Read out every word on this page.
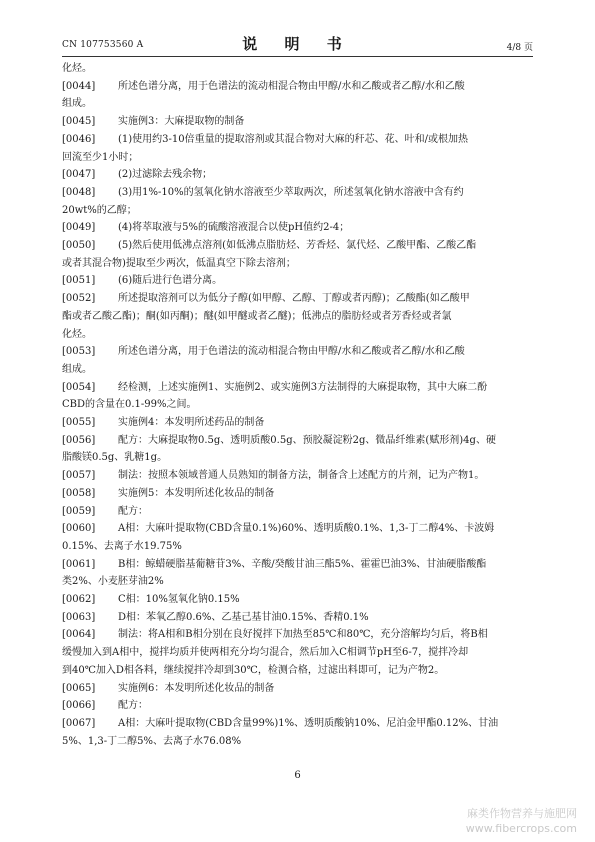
CN 107753560 A	说 明 书	4/8 页
化烃。
[0044] 所述色谱分离，用于色谱法的流动相混合物由甲醇/水和乙酸或者乙醇/水和乙酸
组成。
[0045] 实施例3：大麻提取物的制备
[0046] (1)使用约3-10倍重量的提取溶剂或其混合物对大麻的秆芯、花、叶和/或根加热
回流至少1小时；
[0047] (2)过滤除去残余物；
[0048] (3)用1%-10%的氢氧化钠水溶液至少萃取两次，所述氢氧化钠水溶液中含有约
20wt%的乙醇；
[0049] (4)将萃取液与5%的硫酸溶液混合以使pH值约2-4；
[0050] (5)然后使用低沸点溶剂(如低沸点脂肪烃、芳香烃、氯代烃、乙酸甲酯、乙酸乙酯
或者其混合物)提取至少两次，低温真空下除去溶剂；
[0051] (6)随后进行色谱分离。
[0052] 所述提取溶剂可以为低分子醇(如甲醇、乙醇、丁醇或者丙醇)；乙酸酯(如乙酸甲
酯或者乙酸乙酯)；酮(如丙酮)；醚(如甲醚或者乙醚)；低沸点的脂肪烃或者芳香烃或者氯
化烃。
[0053] 所述色谱分离，用于色谱法的流动相混合物由甲醇/水和乙酸或者乙醇/水和乙酸
组成。
[0054] 经检测，上述实施例1、实施例2、或实施例3方法制得的大麻提取物，其中大麻二酚
CBD的含量在0.1-99%之间。
[0055] 实施例4：本发明所述药品的制备
[0056] 配方：大麻提取物0.5g、透明质酸0.5g、预胶凝淀粉2g、微晶纤维素(赋形剂)4g、硬
脂酸镁0.5g、乳糖1g。
[0057] 制法：按照本领域普通人员熟知的制备方法，制备含上述配方的片剂，记为产物1。
[0058] 实施例5：本发明所述化妆品的制备
[0059] 配方：
[0060] A相：大麻叶提取物(CBD含量0.1%)60%、透明质酸0.1%、1,3-丁二醇4%、卡波姆
0.15%、去离子水19.75%
[0061] B相：鲸蜡硬脂基葡糖苷3%、辛酸/癸酸甘油三酯5%、霍霍巴油3%、甘油硬脂酸酯
类2%、小麦胚芽油2%
[0062] C相：10%氢氧化钠0.15%
[0063] D相：苯氧乙醇0.6%、乙基己基甘油0.15%、香精0.1%
[0064] 制法：将A相和B相分别在良好搅拌下加热至85℃和80℃，充分溶解均匀后，将B相
缓慢加入到A相中，搅拌均质并使两相充分均匀混合，然后加入C相调节pH至6-7，搅拌冷却
到40℃加入D相各料，继续搅拌冷却到30℃，检测合格，过滤出料即可，记为产物2。
[0065] 实施例6：本发明所述化妆品的制备
[0066] 配方：
[0067] A相：大麻叶提取物(CBD含量99%)1%、透明质酸钠10%、尼泊金甲酯0.12%、甘油
5%、1,3-丁二醇5%、去离子水76.08%
6
麻类作物营养与施肥网
www.fibercrops.com
